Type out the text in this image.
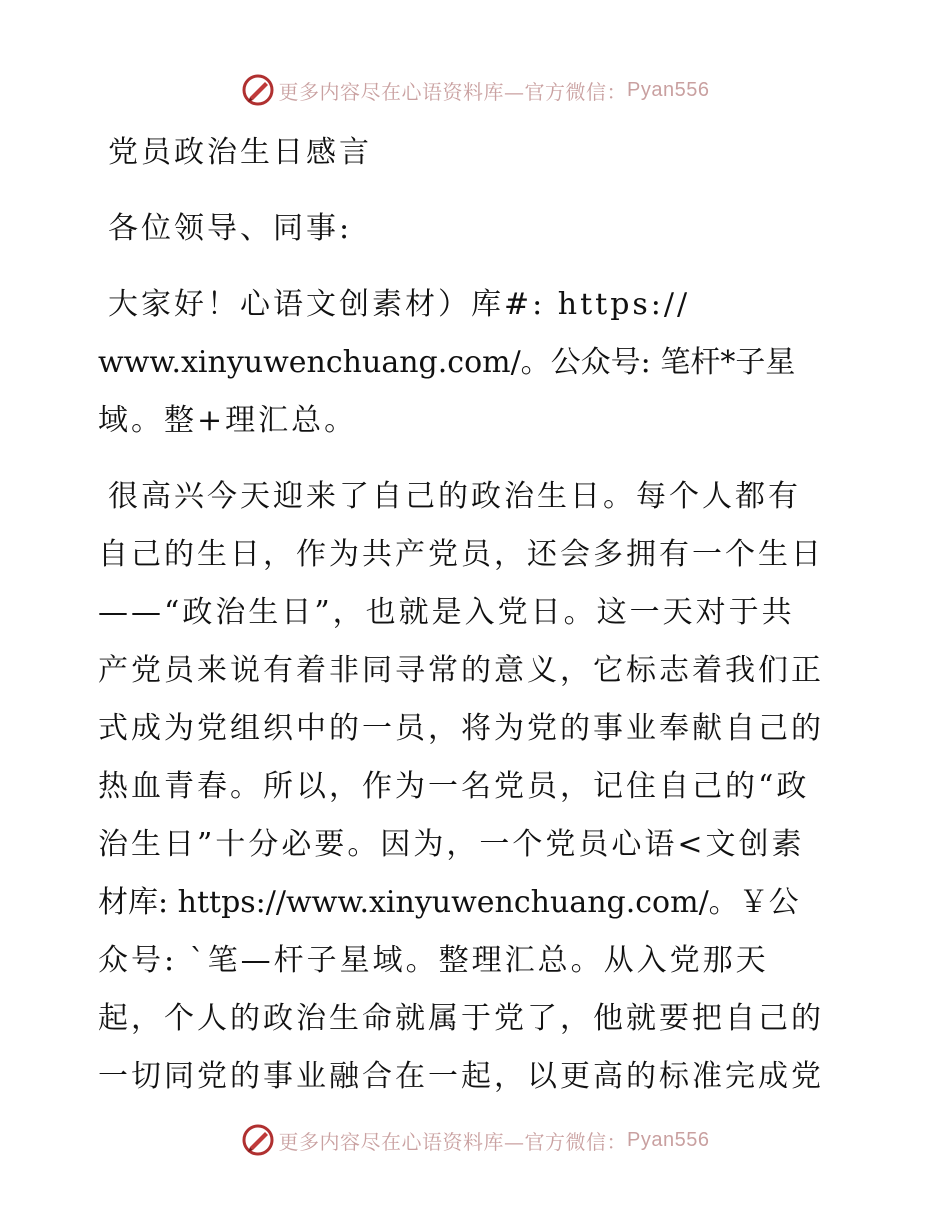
更多内容尽在心语资料库—官方微信： Pyan556
党员政治生日感言
各位领导、同事:
大家好！心语文创素材）库#: https://
www.xinyuwenchuang.com/。公众号: 笔杆*子星
域。整+理汇总。
很高兴今天迎来了自己的政治生日。每个人都有
自己的生日，作为共产党员，还会多拥有一个生日
——“政治生日”，也就是入党日。这一天对于共
产党员来说有着非同寻常的意义，它标志着我们正
式成为党组织中的一员，将为党的事业奉献自己的
热血青春。所以，作为一名党员，记住自己的“政
治生日”十分必要。因为，一个党员心语<文创素
材库: https://www.xinyuwenchuang.com/。￥公
众号: `笔—杆子星域。整理汇总。从入党那天
起，个人的政治生命就属于党了，他就要把自己的
一切同党的事业融合在一起，以更高的标准完成党
更多内容尽在心语资料库—官方微信： Pyan556
